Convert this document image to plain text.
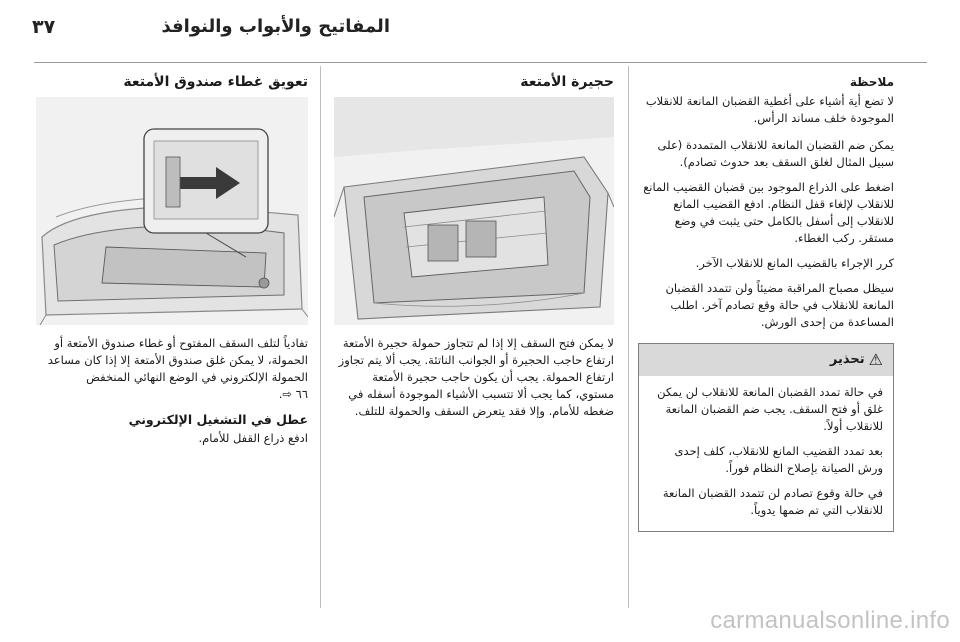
٣٧	المفاتيح والأبواب والنوافذ
تعويق غطاء صندوق الأمتعة

تفادياً لتلف السقف المفتوح أو غطاء صندوق الأمتعة أو الحمولة، لا يمكن غلق صندوق الأمتعة إلا إذا كان مساعد الحمولة الإلكتروني في الوضع النهائي المنخفض

٦٦ ⇨.

عطل في التشغيل الإلكتروني

ادفع ذراع القفل للأمام.

حجيرة الأمتعة

لا يمكن فتح السقف إلا إذا لم تتجاوز حمولة حجيرة الأمتعة ارتفاع حاجب الحجيرة أو الجوانب الناتئة. يجب ألا يتم تجاوز ارتفاع الحمولة. يجب أن يكون حاجب حجيرة الأمتعة مستوي، كما يجب ألا تتسبب الأشياء الموجودة أسفله في ضغطه للأمام. وإلا فقد يتعرض السقف والحمولة للتلف.

ملاحظة

لا تضع أية أشياء على أغطية القضبان المانعة للانقلاب الموجودة خلف مساند الرأس.

يمكن ضم القضبان المانعة للانقلاب المتمددة (على سبيل المثال لغلق السقف بعد حدوث تصادم).

اضغط على الذراع الموجود بين قضبان القضيب المانع للانقلاب لإلغاء قفل النظام. ادفع القضيب المانع للانقلاب إلى أسفل بالكامل حتى يثبت في وضع مستقر. ركب الغطاء.

كرر الإجراء بالقضيب المانع للانقلاب الآخر.

سيظل مصباح المراقبة مضيئاً ولن تتمدد القضبان المانعة للانقلاب في حالة وقع تصادم آخر. اطلب المساعدة من إحدى الورش.

⚠
تحذير

في حالة تمدد القضبان المانعة للانقلاب لن يمكن غلق أو فتح السقف. يجب ضم القضبان المانعة للانقلاب أولاً.

بعد تمدد القضيب المانع للانقلاب، كلف إحدى ورش الصيانة بإصلاح النظام فوراً.

في حالة وقوع تصادم لن تتمدد القضبان المانعة للانقلاب التي تم ضمها يدوياً.

carmanualsonline.info
